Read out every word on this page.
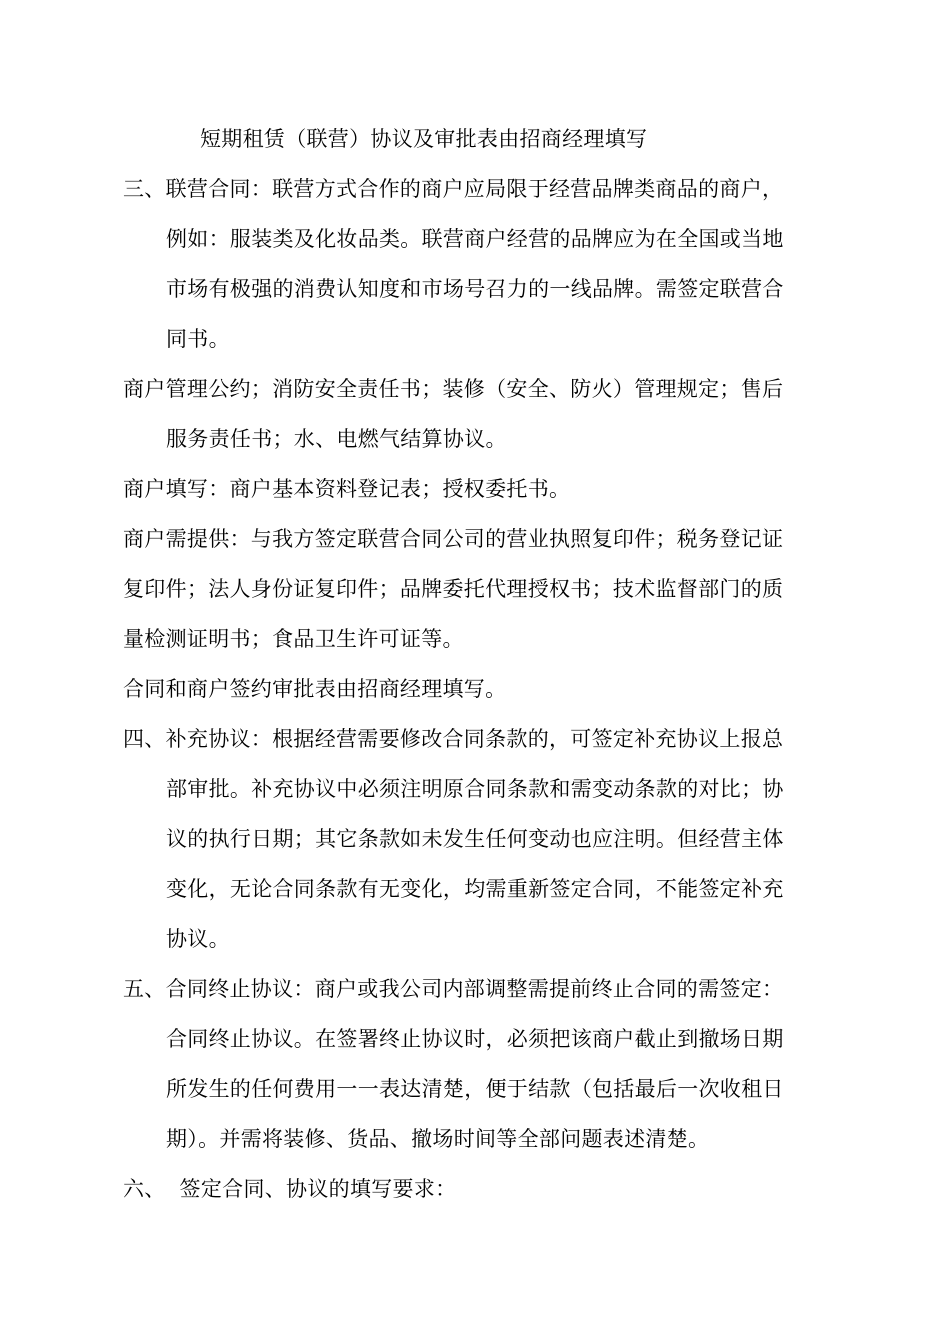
短期租赁（联营）协议及审批表由招商经理填写
三、联营合同：联营方式合作的商户应局限于经营品牌类商品的商户，
例如：服装类及化妆品类。联营商户经营的品牌应为在全国或当地
市场有极强的消费认知度和市场号召力的一线品牌。需签定联营合
同书。
商户管理公约；消防安全责任书；装修（安全、防火）管理规定；售后
服务责任书；水、电燃气结算协议。
商户填写：商户基本资料登记表；授权委托书。
商户需提供：与我方签定联营合同公司的营业执照复印件；税务登记证
复印件；法人身份证复印件；品牌委托代理授权书；技术监督部门的质
量检测证明书；食品卫生许可证等。
合同和商户签约审批表由招商经理填写。
四、补充协议：根据经营需要修改合同条款的，可签定补充协议上报总
部审批。补充协议中必须注明原合同条款和需变动条款的对比；协
议的执行日期；其它条款如未发生任何变动也应注明。但经营主体
变化，无论合同条款有无变化，均需重新签定合同，不能签定补充
协议。
五、合同终止协议：商户或我公司内部调整需提前终止合同的需签定：
合同终止协议。在签署终止协议时，必须把该商户截止到撤场日期
所发生的任何费用一一表达清楚，便于结款（包括最后一次收租日
期）。并需将装修、货品、撤场时间等全部问题表述清楚。
六、  签定合同、协议的填写要求：
